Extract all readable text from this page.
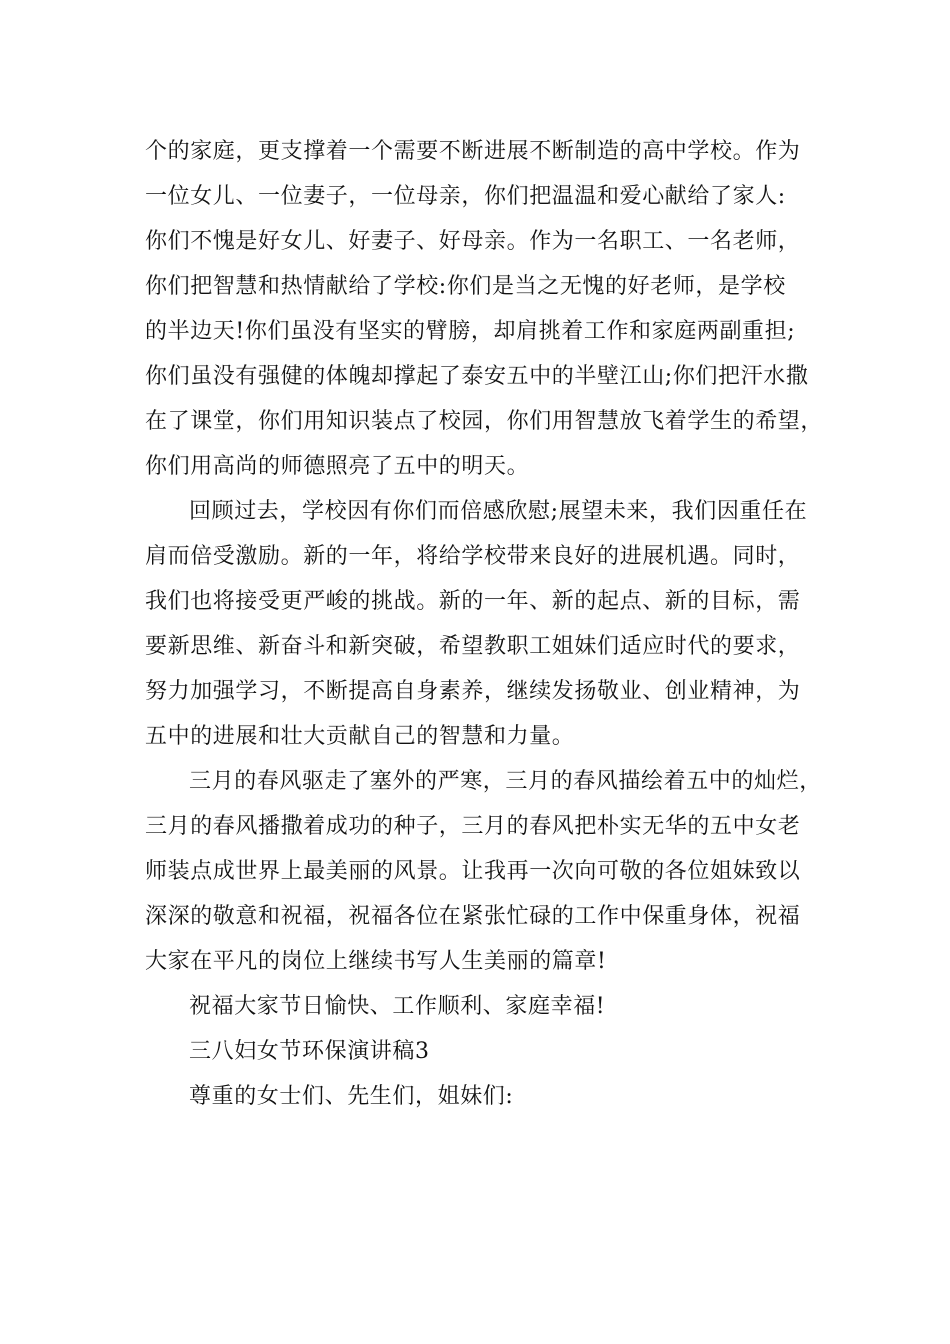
个的家庭，更支撑着一个需要不断进展不断制造的高中学校。作为
一位女儿、一位妻子，一位母亲，你们把温温和爱心献给了家人:
你们不愧是好女儿、好妻子、好母亲。作为一名职工、一名老师，
你们把智慧和热情献给了学校:你们是当之无愧的好老师，是学校
的半边天!你们虽没有坚实的臂膀，却肩挑着工作和家庭两副重担;
你们虽没有强健的体魄却撑起了泰安五中的半壁江山;你们把汗水撒
在了课堂，你们用知识装点了校园，你们用智慧放飞着学生的希望，
你们用高尚的师德照亮了五中的明天。
回顾过去，学校因有你们而倍感欣慰;展望未来，我们因重任在
肩而倍受激励。新的一年，将给学校带来良好的进展机遇。同时，
我们也将接受更严峻的挑战。新的一年、新的起点、新的目标，需
要新思维、新奋斗和新突破，希望教职工姐妹们适应时代的要求，
努力加强学习，不断提高自身素养，继续发扬敬业、创业精神，为
五中的进展和壮大贡献自己的智慧和力量。
三月的春风驱走了塞外的严寒，三月的春风描绘着五中的灿烂，
三月的春风播撒着成功的种子，三月的春风把朴实无华的五中女老
师装点成世界上最美丽的风景。让我再一次向可敬的各位姐妹致以
深深的敬意和祝福，祝福各位在紧张忙碌的工作中保重身体，祝福
大家在平凡的岗位上继续书写人生美丽的篇章!
祝福大家节日愉快、工作顺利、家庭幸福!
三八妇女节环保演讲稿3
尊重的女士们、先生们，姐妹们:
